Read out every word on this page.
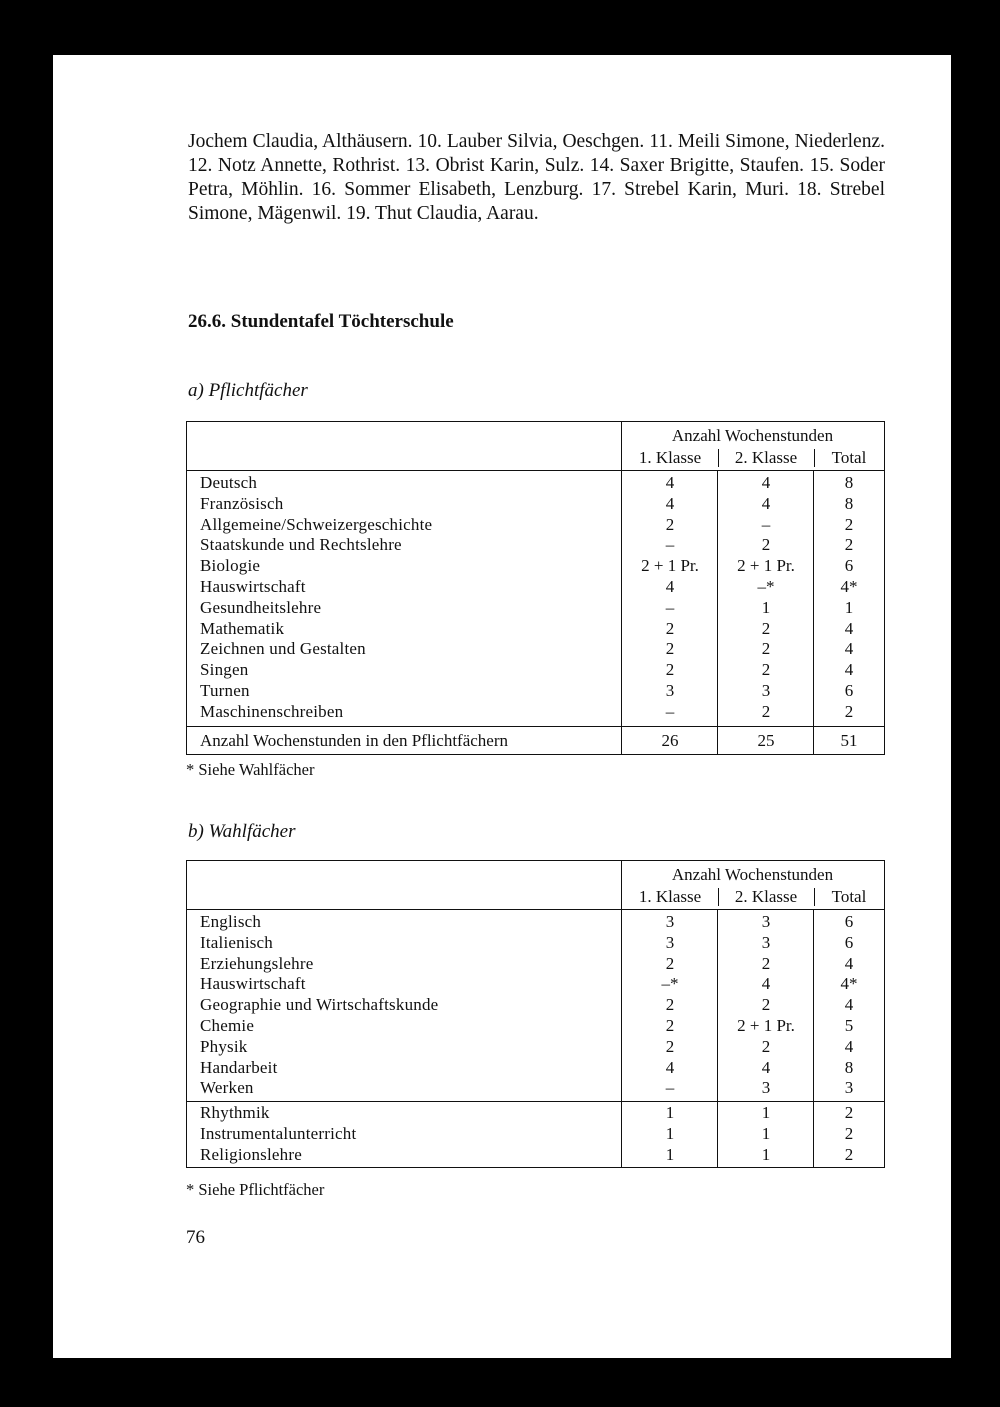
Jochem Claudia, Althäusern. 10. Lauber Silvia, Oeschgen. 11. Meili Simone, Niederlenz. 12. Notz Annette, Rothrist. 13. Obrist Karin, Sulz. 14. Saxer Brigitte, Staufen. 15. Soder Petra, Möhlin. 16. Sommer Elisabeth, Lenzburg. 17. Strebel Karin, Muri. 18. Strebel Simone, Mägenwil. 19. Thut Claudia, Aarau.
26.6. Stundentafel Töchterschule
a) Pflichtfächer
Anzahl Wochenstunden
1. Klasse	2. Klasse	Total
Deutsch	4	4	8
Französisch	4	4	8
Allgemeine/Schweizergeschichte	2	–	2
Staatskunde und Rechtslehre	–	2	2
Biologie	2 + 1 Pr.	2 + 1 Pr.	6
Hauswirtschaft	4	–*	4*
Gesundheitslehre	–	1	1
Mathematik	2	2	4
Zeichnen und Gestalten	2	2	4
Singen	2	2	4
Turnen	3	3	6
Maschinenschreiben	–	2	2
Anzahl Wochenstunden in den Pflichtfächern	26	25	51
* Siehe Wahlfächer
b) Wahlfächer
Anzahl Wochenstunden
1. Klasse	2. Klasse	Total
Englisch	3	3	6
Italienisch	3	3	6
Erziehungslehre	2	2	4
Hauswirtschaft	–*	4	4*
Geographie und Wirtschaftskunde	2	2	4
Chemie	2	2 + 1 Pr.	5
Physik	2	2	4
Handarbeit	4	4	8
Werken	–	3	3
Rhythmik	1	1	2
Instrumentalunterricht	1	1	2
Religionslehre	1	1	2
* Siehe Pflichtfächer
76
